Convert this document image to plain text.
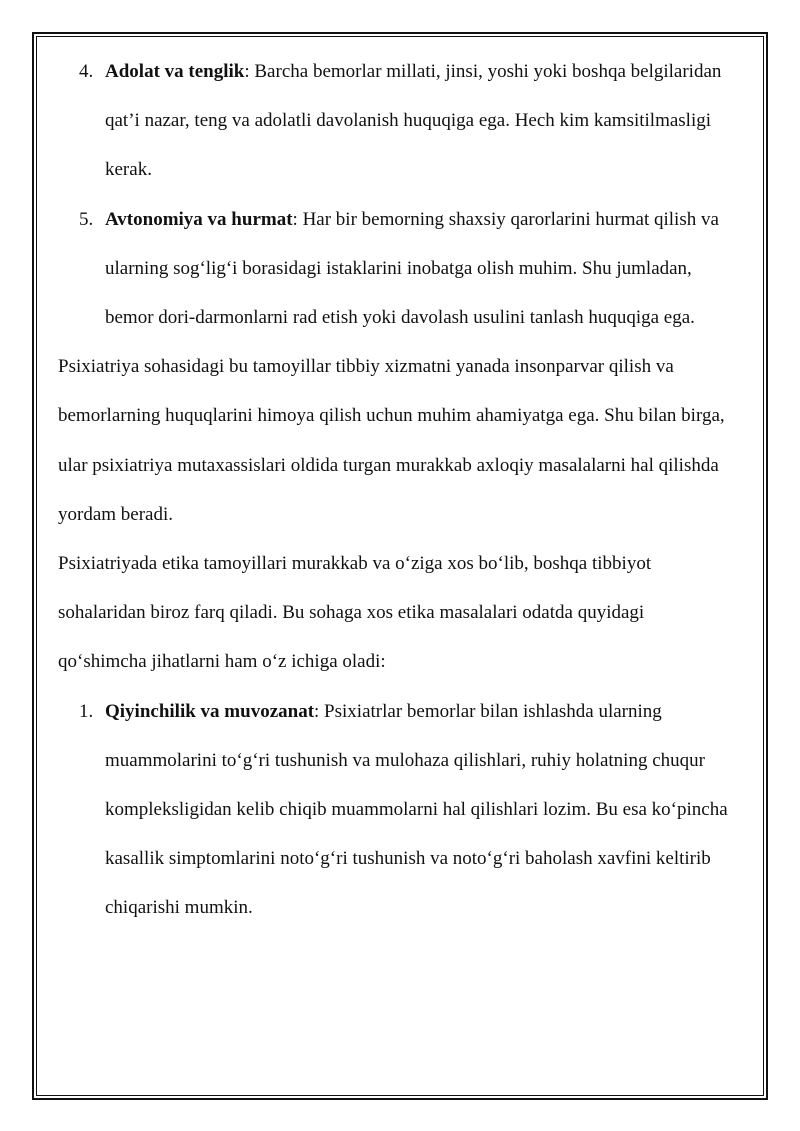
4. Adolat va tenglik: Barcha bemorlar millati, jinsi, yoshi yoki boshqa belgilaridan qat’i nazar, teng va adolatli davolanish huquqiga ega. Hech kim kamsitilmasligi kerak.
5. Avtonomiya va hurmat: Har bir bemorning shaxsiy qarorlarini hurmat qilish va ularning sog‘lig‘i borasidagi istaklarini inobatga olish muhim. Shu jumladan, bemor dori-darmonlarni rad etish yoki davolash usulini tanlash huquqiga ega.

Psixiatriya sohasidagi bu tamoyillar tibbiy xizmatni yanada insonparvar qilish va bemorlarning huquqlarini himoya qilish uchun muhim ahamiyatga ega. Shu bilan birga, ular psixiatriya mutaxassislari oldida turgan murakkab axloqiy masalalarni hal qilishda yordam beradi.

Psixiatriyada etika tamoyillari murakkab va o‘ziga xos bo‘lib, boshqa tibbiyot sohalaridan biroz farq qiladi. Bu sohaga xos etika masalalari odatda quyidagi qo‘shimcha jihatlarni ham o‘z ichiga oladi:

1. Qiyinchilik va muvozanat: Psixiatrlar bemorlar bilan ishlashda ularning muammolarini to‘g‘ri tushunish va mulohaza qilishlari, ruhiy holatning chuqur kompleksligidan kelib chiqib muammolarni hal qilishlari lozim. Bu esa ko‘pincha kasallik simptomlarini noto‘g‘ri tushunish va noto‘g‘ri baholash xavfini keltirib chiqarishi mumkin.
